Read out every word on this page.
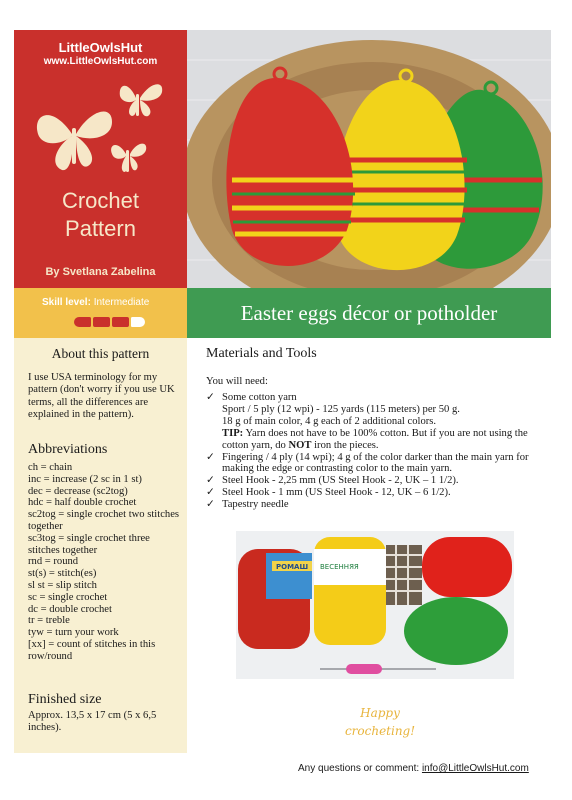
LittleOwlsHut
www.LittleOwlsHut.com
Crochet
Pattern
By Svetlana Zabelina
Skill level: Intermediate	Easter eggs décor or potholder
About this pattern

I use USA terminology for my pattern (don't worry if you use UK terms, all the differences are explained in the pattern).

Abbreviations
ch = chain
inc = increase (2 sc in 1 st)
dec = decrease (sc2tog)
hdc = half double crochet
sc2tog = single crochet two stitches together
sc3tog = single crochet three stitches together
rnd = round
st(s) = stitch(es)
sl st = slip stitch
sc = single crochet
dc = double crochet
tr = treble
tyw = turn your work
[xx] = count of stitches in this row/round
Finished size

Approx. 13,5 x 17 cm (5 x 6,5 inches).

Materials and Tools
You will need:
✓ Some cotton yarn
Sport / 5 ply (12 wpi) - 125 yards (115 meters) per 50 g.
18 g of main color, 4 g each of 2 additional colors.
TIP: Yarn does not have to be 100% cotton. But if you are not using the cotton yarn, do NOT iron the pieces.
✓ Fingering / 4 ply (14 wpi); 4 g of the color darker than the main yarn for making the edge or contrasting color to the main yarn.
✓ Steel Hook - 2,25 mm (US Steel Hook - 2, UK – 1 1/2).
✓ Steel Hook - 1 mm (US Steel Hook - 12, UK – 6 1/2).
✓ Tapestry needle
РОМАШ ВЕСЕННЯЯ
Happy
crocheting!
Any questions or comment: info@LittleOwlsHut.com
